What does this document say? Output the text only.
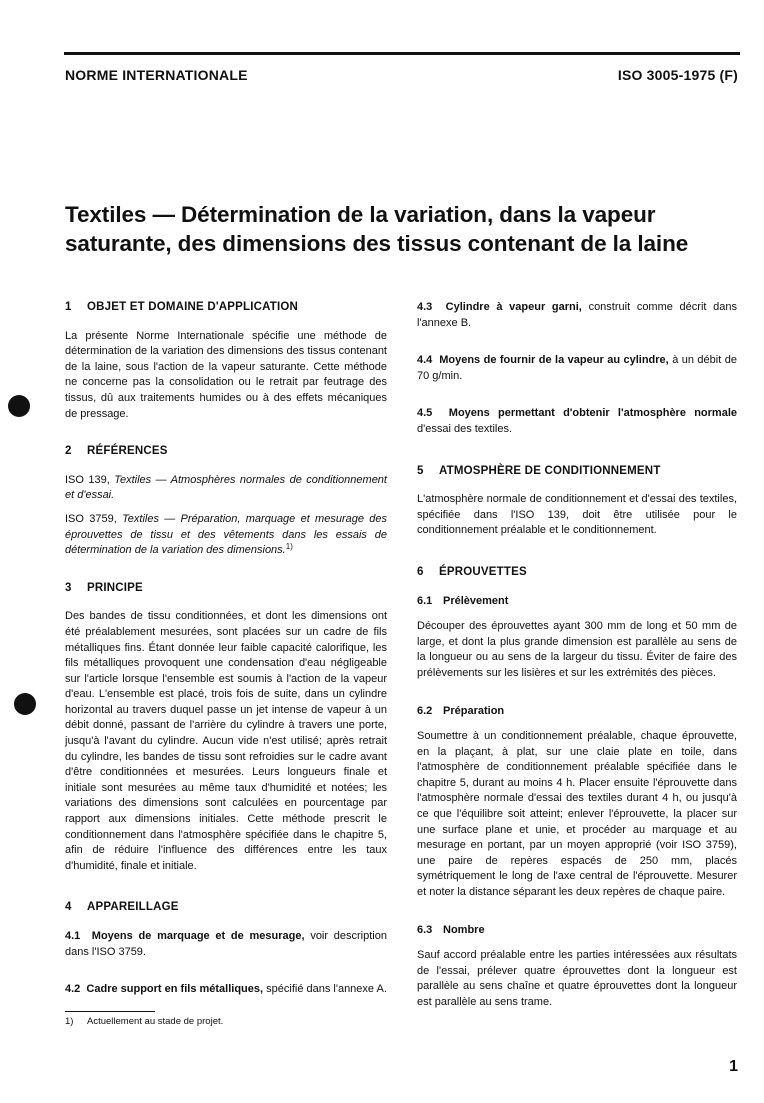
NORME INTERNATIONALE	ISO 3005-1975 (F)
Textiles — Détermination de la variation, dans la vapeur
saturante, des dimensions des tissus contenant de la laine
1 OBJET ET DOMAINE D'APPLICATION

La présente Norme Internationale spécifie une méthode de détermination de la variation des dimensions des tissus contenant de la laine, sous l'action de la vapeur saturante. Cette méthode ne concerne pas la consolidation ou le retrait par feutrage des tissus, dû aux traitements humides ou à des effets mécaniques de pressage.

2 RÉFÉRENCES

ISO 139, Textiles — Atmosphères normales de conditionnement et d'essai.

ISO 3759, Textiles — Préparation, marquage et mesurage des éprouvettes de tissu et des vêtements dans les essais de détermination de la variation des dimensions.$^{1)}$

3 PRINCIPE

Des bandes de tissu conditionnées, et dont les dimensions ont été préalablement mesurées, sont placées sur un cadre de fils métalliques fins. Étant donnée leur faible capacité calorifique, les fils métalliques provoquent une condensation d'eau négligeable sur l'article lorsque l'ensemble est soumis à l'action de la vapeur d'eau. L'ensemble est placé, trois fois de suite, dans un cylindre horizontal au travers duquel passe un jet intense de vapeur à un débit donné, passant de l'arrière du cylindre à travers une porte, jusqu'à l'avant du cylindre. Aucun vide n'est utilisé; après retrait du cylindre, les bandes de tissu sont refroidies sur le cadre avant d'être conditionnées et mesurées. Leurs longueurs finale et initiale sont mesurées au même taux d'humidité et notées; les variations des dimensions sont calculées en pourcentage par rapport aux dimensions initiales. Cette méthode prescrit le conditionnement dans l'atmosphère spécifiée dans le chapitre 5, afin de réduire l'influence des différences entre les taux d'humidité, finale et initiale.

4 APPAREILLAGE

4.1 Moyens de marquage et de mesurage, voir description dans l'ISO 3759.

4.2 Cadre support en fils métalliques, spécifié dans l'annexe A.

4.3 Cylindre à vapeur garni, construit comme décrit dans l'annexe B.

4.4 Moyens de fournir de la vapeur au cylindre, à un débit de 70 g/min.

4.5 Moyens permettant d'obtenir l'atmosphère normale d'essai des textiles.

5 ATMOSPHÈRE DE CONDITIONNEMENT

L'atmosphère normale de conditionnement et d'essai des textiles, spécifiée dans l'ISO 139, doit être utilisée pour le conditionnement préalable et le conditionnement.

6 ÉPROUVETTES
6.1 Prélèvement

Découper des éprouvettes ayant 300 mm de long et 50 mm de large, et dont la plus grande dimension est parallèle au sens de la longueur ou au sens de la largeur du tissu. Éviter de faire des prélèvements sur les lisières et sur les extrémités des pièces.

6.2 Préparation

Soumettre à un conditionnement préalable, chaque éprouvette, en la plaçant, à plat, sur une claie plate en toile, dans l'atmosphère de conditionnement préalable spécifiée dans le chapitre 5, durant au moins 4 h. Placer ensuite l'éprouvette dans l'atmosphère normale d'essai des textiles durant 4 h, ou jusqu'à ce que l'équilibre soit atteint; enlever l'éprouvette, la placer sur une surface plane et unie, et procéder au marquage et au mesurage en portant, par un moyen approprié (voir ISO 3759), une paire de repères espacés de 250 mm, placés symétriquement le long de l'axe central de l'éprouvette. Mesurer et noter la distance séparant les deux repères de chaque paire.

6.3 Nombre

Sauf accord préalable entre les parties intéressées aux résultats de l'essai, prélever quatre éprouvettes dont la longueur est parallèle au sens chaîne et quatre éprouvettes dont la longueur est parallèle au sens trame.

1) Actuellement au stade de projet.
1
